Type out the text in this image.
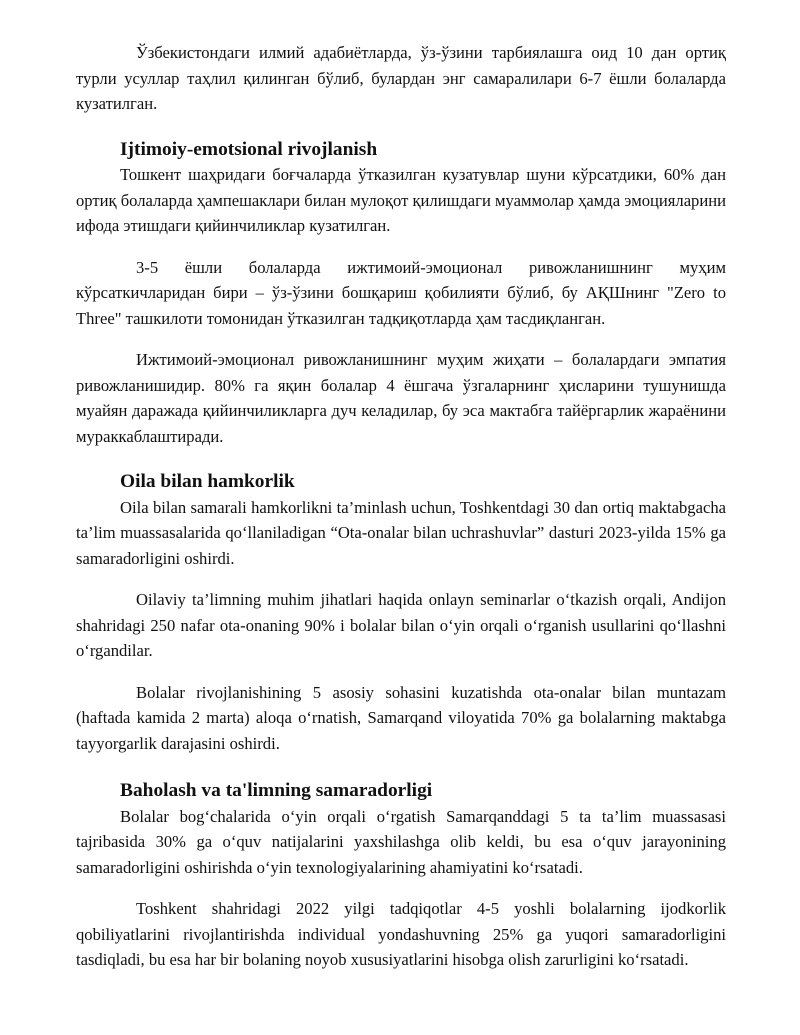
Ўзбекистондаги илмий адабиётларда, ўз-ўзини тарбиялашга оид 10 дан ортиқ турли усуллар таҳлил қилинган бўлиб, булардан энг самаралилари 6-7 ёшли болаларда кузатилган.

Ijtimoiy-emotsional rivojlanish

Тошкент шаҳридаги боғчаларда ўтказилган кузатувлар шуни кўрсатдики, 60% дан ортиқ болаларда ҳампешаклари билан мулоқот қилишдаги муаммолар ҳамда эмоцияларини ифода этишдаги қийинчиликлар кузатилган.

3-5 ёшли болаларда ижтимоий-эмоционал ривожланишнинг муҳим кўрсаткичларидан бири – ўз-ўзини бошқариш қобилияти бўлиб, бу АҚШнинг "Zero to Three" ташкилоти томонидан ўтказилган тадқиқотларда ҳам тасдиқланган.

Ижтимоий-эмоционал ривожланишнинг муҳим жиҳати – болалардаги эмпатия ривожланишидир. 80% га яқин болалар 4 ёшгача ўзгаларнинг ҳисларини тушунишда муайян даражада қийинчиликларга дуч келадилар, бу эса мактабга тайёргарлик жараёнини мураккаблаштиради.

Oila bilan hamkorlik

Oila bilan samarali hamkorlikni ta’minlash uchun, Toshkentdagi 30 dan ortiq maktabgacha ta’lim muassasalarida qo‘llaniladigan “Ota-onalar bilan uchrashuvlar” dasturi 2023-yilda 15% ga samaradorligini oshirdi.

Oilaviy ta’limning muhim jihatlari haqida onlayn seminarlar o‘tkazish orqali, Andijon shahridagi 250 nafar ota-onaning 90% i bolalar bilan o‘yin orqali o‘rganish usullarini qo‘llashni o‘rgandilar.

Bolalar rivojlanishining 5 asosiy sohasini kuzatishda ota-onalar bilan muntazam (haftada kamida 2 marta) aloqa o‘rnatish, Samarqand viloyatida 70% ga bolalarning maktabga tayyorgarlik darajasini oshirdi.

Baholash va ta'limning samaradorligi

Bolalar bog‘chalarida o‘yin orqali o‘rgatish Samarqanddagi 5 ta ta’lim muassasasi tajribasida 30% ga o‘quv natijalarini yaxshilashga olib keldi, bu esa o‘quv jarayonining samaradorligini oshirishda o‘yin texnologiyalarining ahamiyatini ko‘rsatadi.

Toshkent shahridagi 2022 yilgi tadqiqotlar 4-5 yoshli bolalarning ijodkorlik qobiliyatlarini rivojlantirishda individual yondashuvning 25% ga yuqori samaradorligini tasdiqladi, bu esa har bir bolaning noyob xususiyatlarini hisobga olish zarurligini ko‘rsatadi.
